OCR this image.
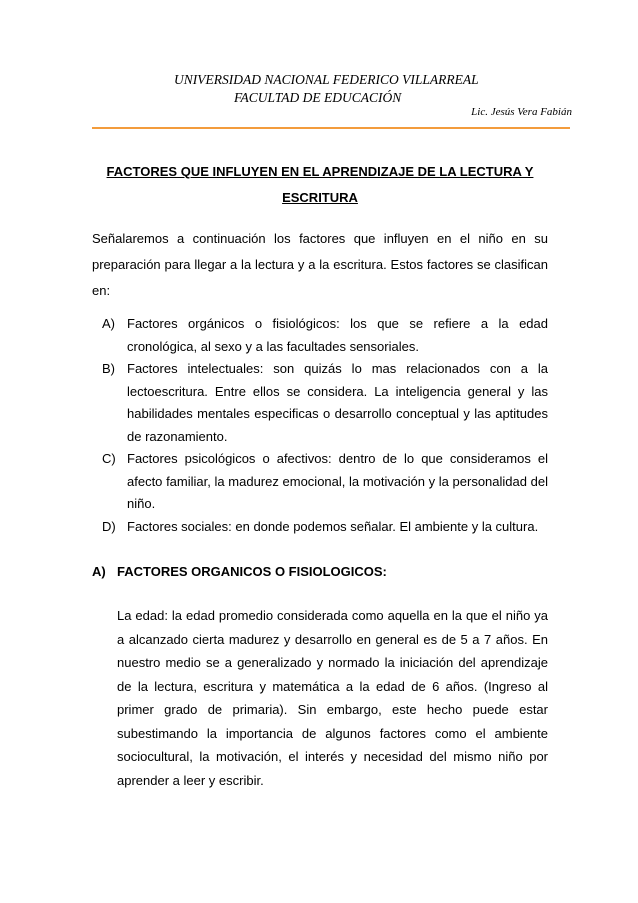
UNIVERSIDAD NACIONAL FEDERICO VILLARREAL
FACULTAD DE EDUCACIÓN
Lic. Jesús Vera Fabián
FACTORES QUE INFLUYEN EN EL APRENDIZAJE DE LA LECTURA Y
ESCRITURA
Señalaremos a continuación los factores que influyen en el niño en su preparación para llegar a la lectura y a la escritura. Estos factores se clasifican en:
A) Factores orgánicos o fisiológicos: los que se refiere a la edad cronológica, al sexo y a las facultades sensoriales.
B) Factores intelectuales: son quizás lo mas relacionados con a la lectoescritura. Entre ellos se considera. La inteligencia general y las habilidades mentales especificas o desarrollo conceptual y las aptitudes de razonamiento.
C) Factores psicológicos o afectivos: dentro de lo que consideramos el afecto familiar, la madurez emocional, la motivación y la personalidad del niño.
D) Factores sociales: en donde podemos señalar. El ambiente y la cultura.
A) FACTORES ORGANICOS O FISIOLOGICOS:
La edad: la edad promedio considerada como aquella en la que el niño ya a alcanzado cierta madurez y desarrollo en general es de 5 a 7 años. En nuestro medio se a generalizado y normado la iniciación del aprendizaje de la lectura, escritura y matemática a la edad de 6 años. (Ingreso al primer grado de primaria). Sin embargo, este hecho puede estar subestimando la importancia de algunos factores como el ambiente sociocultural, la motivación, el interés y necesidad del mismo niño por aprender a leer y escribir.
